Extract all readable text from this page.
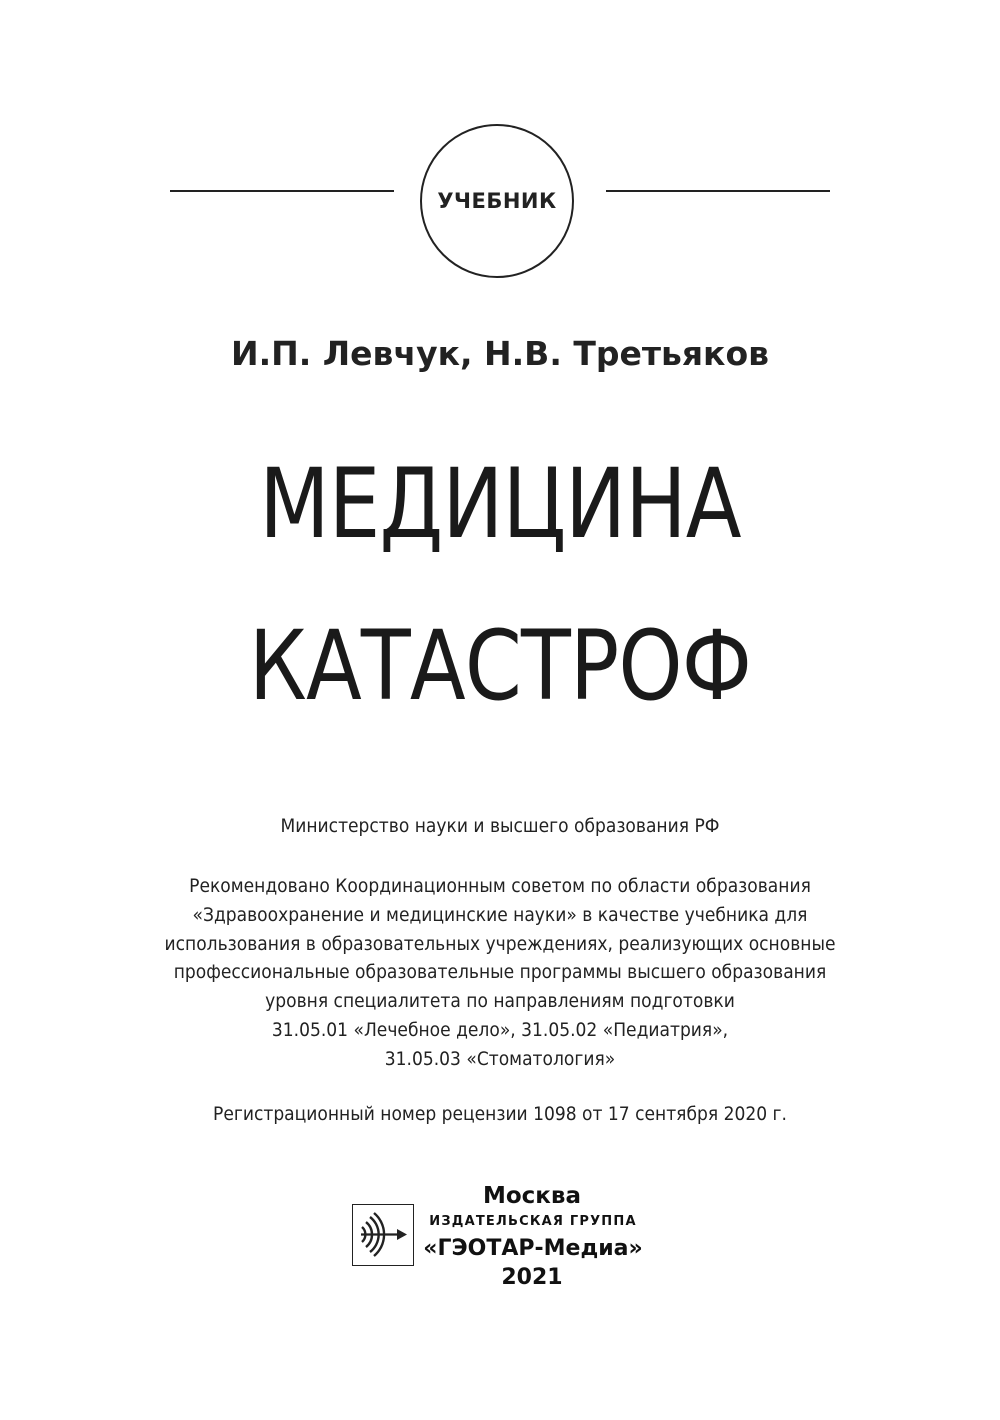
УЧЕБНИК
И.П. Левчук, Н.В. Третьяков
МЕДИЦИНА
КАТАСТРОФ
Министерство науки и высшего образования РФ
Рекомендовано Координационным советом по области образования
«Здравоохранение и медицинские науки» в качестве учебника для
использования в образовательных учреждениях, реализующих основные
профессиональные образовательные программы высшего образования
уровня специалитета по направлениям подготовки
31.05.01 «Лечебное дело», 31.05.02 «Педиатрия»,
31.05.03 «Стоматология»
Регистрационный номер рецензии 1098 от 17 сентября 2020 г.
Москва
ИЗДАТЕЛЬСКАЯ ГРУППА
«ГЭОТАР-Медиа»
2021
